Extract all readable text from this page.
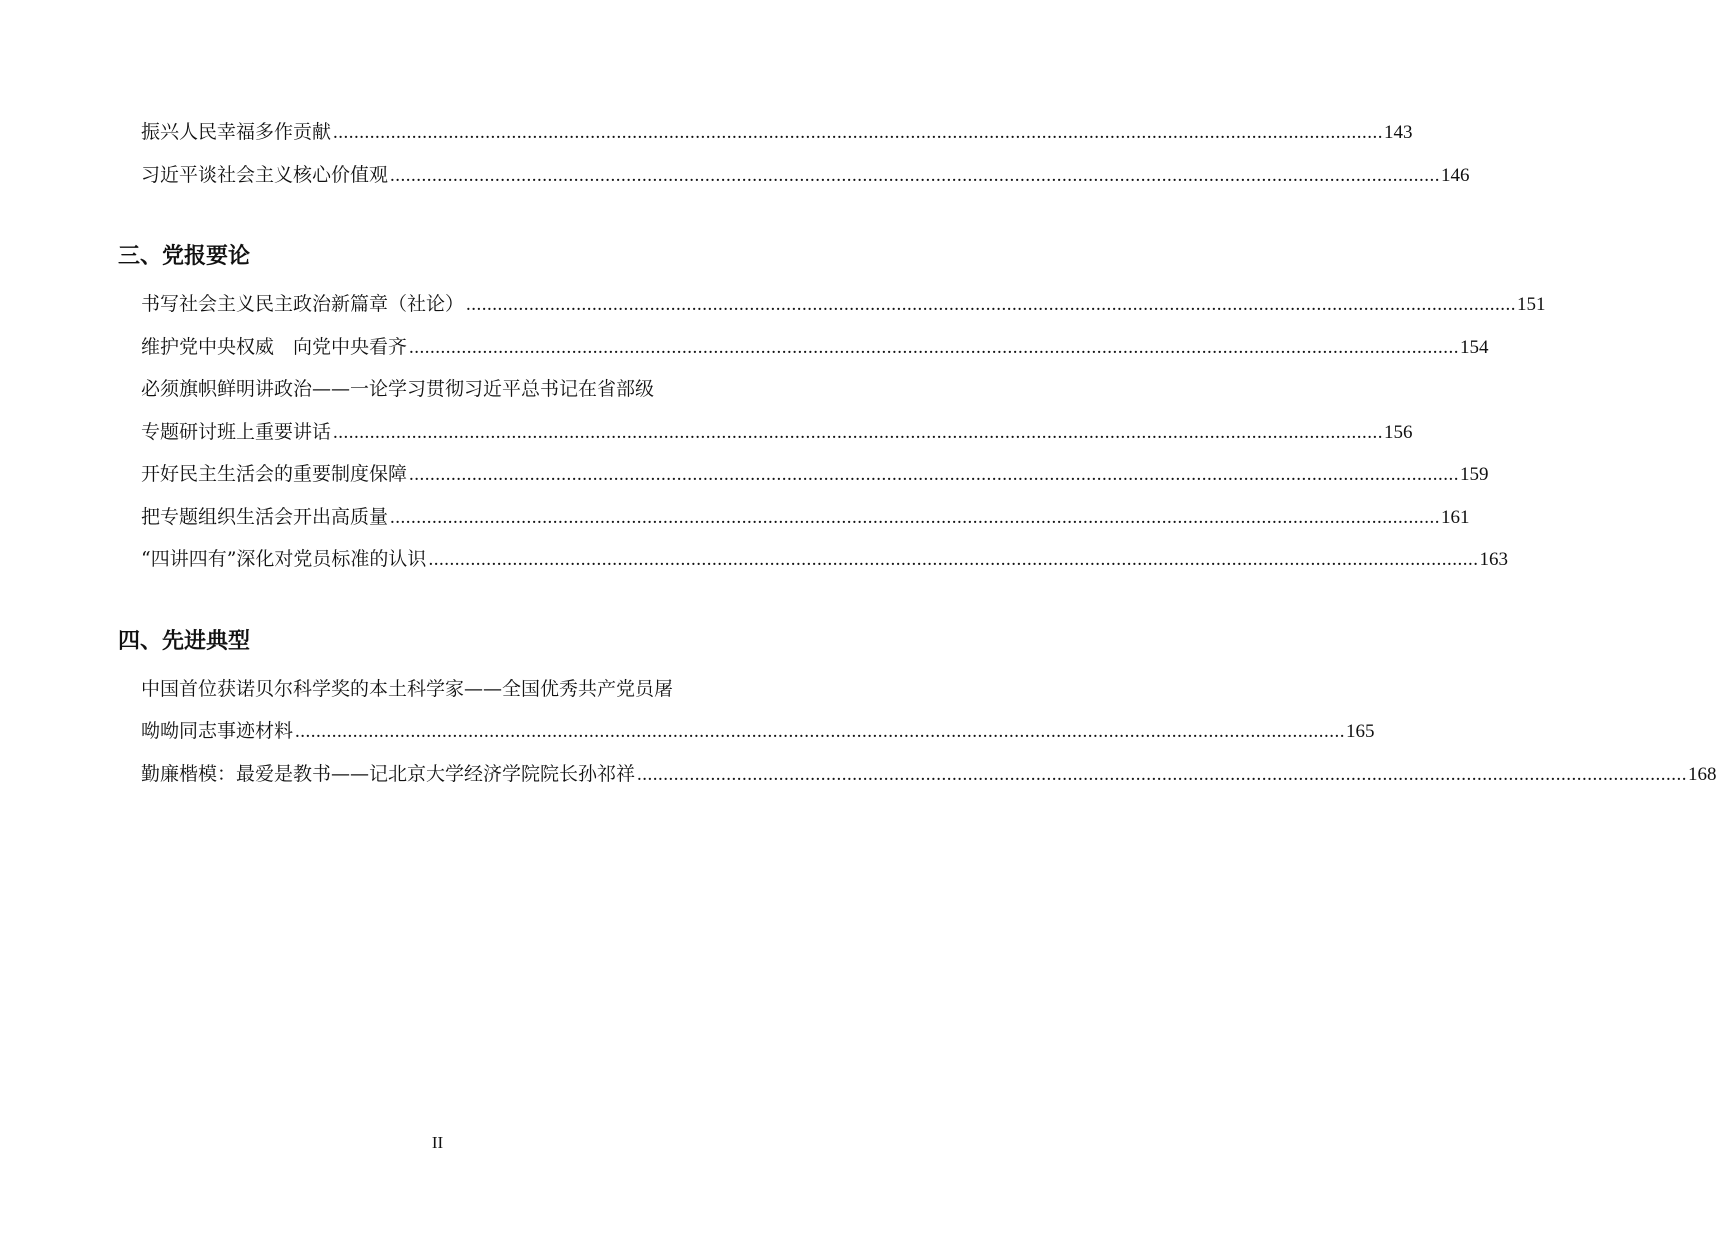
振兴人民幸福多作贡献 ........................................................................................................................................................................................................ 143
习近平谈社会主义核心价值观 ........................................................................................................................................................................................................ 146
三、党报要论
书写社会主义民主政治新篇章（社论） ........................................................................................................................................................................................................ 151
维护党中央权威　向党中央看齐 ........................................................................................................................................................................................................ 154
必须旗帜鲜明讲政治——一论学习贯彻习近平总书记在省部级
专题研讨班上重要讲话 ........................................................................................................................................................................................................ 156
开好民主生活会的重要制度保障 ........................................................................................................................................................................................................ 159
把专题组织生活会开出高质量 ........................................................................................................................................................................................................ 161
“四讲四有”深化对党员标准的认识 ........................................................................................................................................................................................................ 163
四、先进典型
中国首位获诺贝尔科学奖的本土科学家——全国优秀共产党员屠
呦呦同志事迹材料 ........................................................................................................................................................................................................ 165
勤廉楷模：最爱是教书——记北京大学经济学院院长孙祁祥 ........................................................................................................................................................................................................ 168
II
